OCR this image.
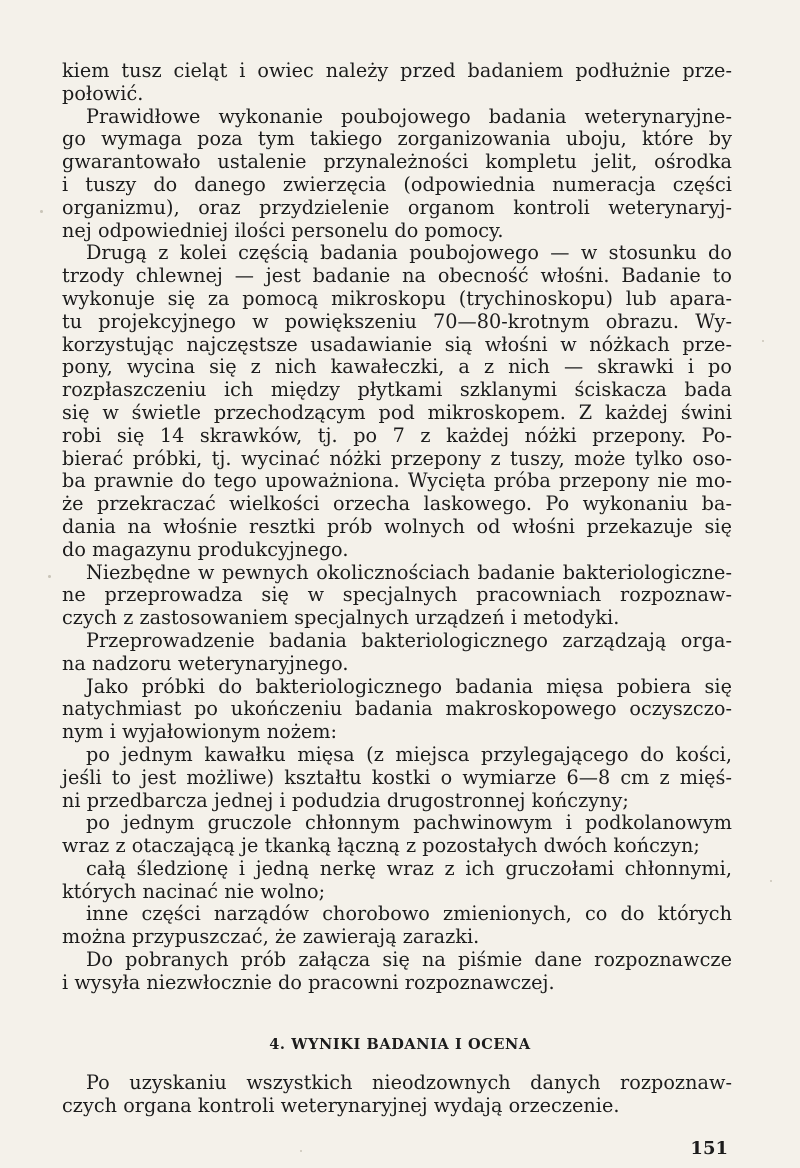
kiem tusz cieląt i owiec należy przed badaniem podłużnie prze-
połowić.
Prawidłowe wykonanie poubojowego badania weterynaryjne-
go wymaga poza tym takiego zorganizowania uboju, które by
gwarantowało ustalenie przynależności kompletu jelit, ośrodka
i tuszy do danego zwierzęcia (odpowiednia numeracja części
organizmu), oraz przydzielenie organom kontroli weterynaryj-
nej odpowiedniej ilości personelu do pomocy.
Drugą z kolei częścią badania poubojowego — w stosunku do
trzody chlewnej — jest badanie na obecność włośni. Badanie to
wykonuje się za pomocą mikroskopu (trychinoskopu) lub apara-
tu projekcyjnego w powiększeniu 70—80-krotnym obrazu. Wy-
korzystując najczęstsze usadawianie sią włośni w nóżkach prze-
pony, wycina się z nich kawałeczki, a z nich — skrawki i po
rozpłaszczeniu ich między płytkami szklanymi ściskacza bada
się w świetle przechodzącym pod mikroskopem. Z każdej świni
robi się 14 skrawków, tj. po 7 z każdej nóżki przepony. Po-
bierać próbki, tj. wycinać nóżki przepony z tuszy, może tylko oso-
ba prawnie do tego upoważniona. Wycięta próba przepony nie mo-
że przekraczać wielkości orzecha laskowego. Po wykonaniu ba-
dania na włośnie resztki prób wolnych od włośni przekazuje się
do magazynu produkcyjnego.
Niezbędne w pewnych okolicznościach badanie bakteriologiczne-
ne przeprowadza się w specjalnych pracowniach rozpoznaw-
czych z zastosowaniem specjalnych urządzeń i metodyki.
Przeprowadzenie badania bakteriologicznego zarządzają orga-
na nadzoru weterynaryjnego.
Jako próbki do bakteriologicznego badania mięsa pobiera się
natychmiast po ukończeniu badania makroskopowego oczyszczo-
nym i wyjałowionym nożem:
po jednym kawałku mięsa (z miejsca przylegającego do kości,
jeśli to jest możliwe) kształtu kostki o wymiarze 6—8 cm z mięś-
ni przedbarcza jednej i podudzia drugostronnej kończyny;
po jednym gruczole chłonnym pachwinowym i podkolanowym
wraz z otaczającą je tkanką łączną z pozostałych dwóch kończyn;
całą śledzionę i jedną nerkę wraz z ich gruczołami chłonnymi,
których nacinać nie wolno;
inne części narządów chorobowo zmienionych, co do których
można przypuszczać, że zawierają zarazki.
Do pobranych prób załącza się na piśmie dane rozpoznawcze
i wysyła niezwłocznie do pracowni rozpoznawczej.
4. WYNIKI BADANIA I OCENA
Po uzyskaniu wszystkich nieodzownych danych rozpoznaw-
czych organa kontroli weterynaryjnej wydają orzeczenie.
151
